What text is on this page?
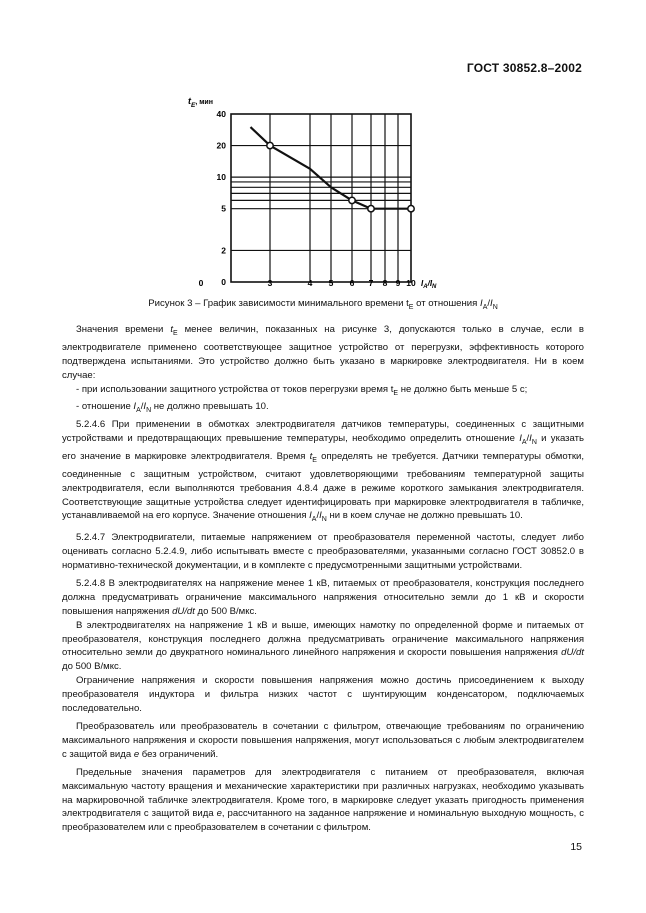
ГОСТ 30852.8–2002
40
20
10
5
2
0
0	3	4 5 6 7 8 9 10
$t_E^{, мин}$
$I_A/I_N$
Рисунок 3 – График зависимости минимального времени $t_E$ от отношения $I_A/I_N$

Значения времени $t_E$ менее величин, показанных на рисунке 3, допускаются только в случае, если в электродвигателе применено соответствующее защитное устройство от перегрузки, эффективность которого подтверждена испытаниями. Это устройство должно быть указано в маркировке электродвигателя. Ни в коем случае:

- при использовании защитного устройства от токов перегрузки время $t_E$ не должно быть меньше 5 с;

- отношение $I_A/I_N$ не должно превышать 10.

5.2.4.6 При применении в обмотках электродвигателя датчиков температуры, соединенных с защитными устройствами и предотвращающих превышение температуры, необходимо определить отношение $I_A/I_N$ и указать его значение в маркировке электродвигателя. Время $t_E$ определять не требуется. Датчики температуры обмотки, соединенные с защитным устройством, считают удовлетворяющими требованиям температурной защиты электродвигателя, если выполняются требования 4.8.4 даже в режиме короткого замыкания электродвигателя. Соответствующие защитные устройства следует идентифицировать при маркировке электродвигателя в табличке, устанавливаемой на его корпусе. Значение отношения $I_A/I_N$ ни в коем случае не должно превышать 10.

5.2.4.7 Электродвигатели, питаемые напряжением от преобразователя переменной частоты, следует либо оценивать согласно 5.2.4.9, либо испытывать вместе с преобразователями, указанными согласно ГОСТ 30852.0 в нормативно-технической документации, и в комплекте с предусмотренными защитными устройствами.

5.2.4.8 В электродвигателях на напряжение менее 1 кВ, питаемых от преобразователя, конструкция последнего должна предусматривать ограничение максимального напряжения относительно земли до 1 кВ и скорости повышения напряжения dU/dt до 500 В/мкс.

В электродвигателях на напряжение 1 кВ и выше, имеющих намотку по определенной форме и питаемых от преобразователя, конструкция последнего должна предусматривать ограничение максимального напряжения относительно земли до двукратного номинального линейного напряжения и скорости повышения напряжения dU/dt до 500 В/мкс.

Ограничение напряжения и скорости повышения напряжения можно достичь присоединением к выходу преобразователя индуктора и фильтра низких частот с шунтирующим конденсатором, подключаемых последовательно.

Преобразователь или преобразователь в сочетании с фильтром, отвечающие требованиям по ограничению максимального напряжения и скорости повышения напряжения, могут использоваться с любым электродвигателем с защитой вида e без ограничений.

Предельные значения параметров для электродвигателя с питанием от преобразователя, включая максимальную частоту вращения и механические характеристики при различных нагрузках, необходимо указывать на маркировочной табличке электродвигателя. Кроме того, в маркировке следует указать пригодность применения электродвигателя с защитой вида e, рассчитанного на заданное напряжение и номинальную выходную мощность, с преобразователем или с преобразователем в сочетании с фильтром.

15
